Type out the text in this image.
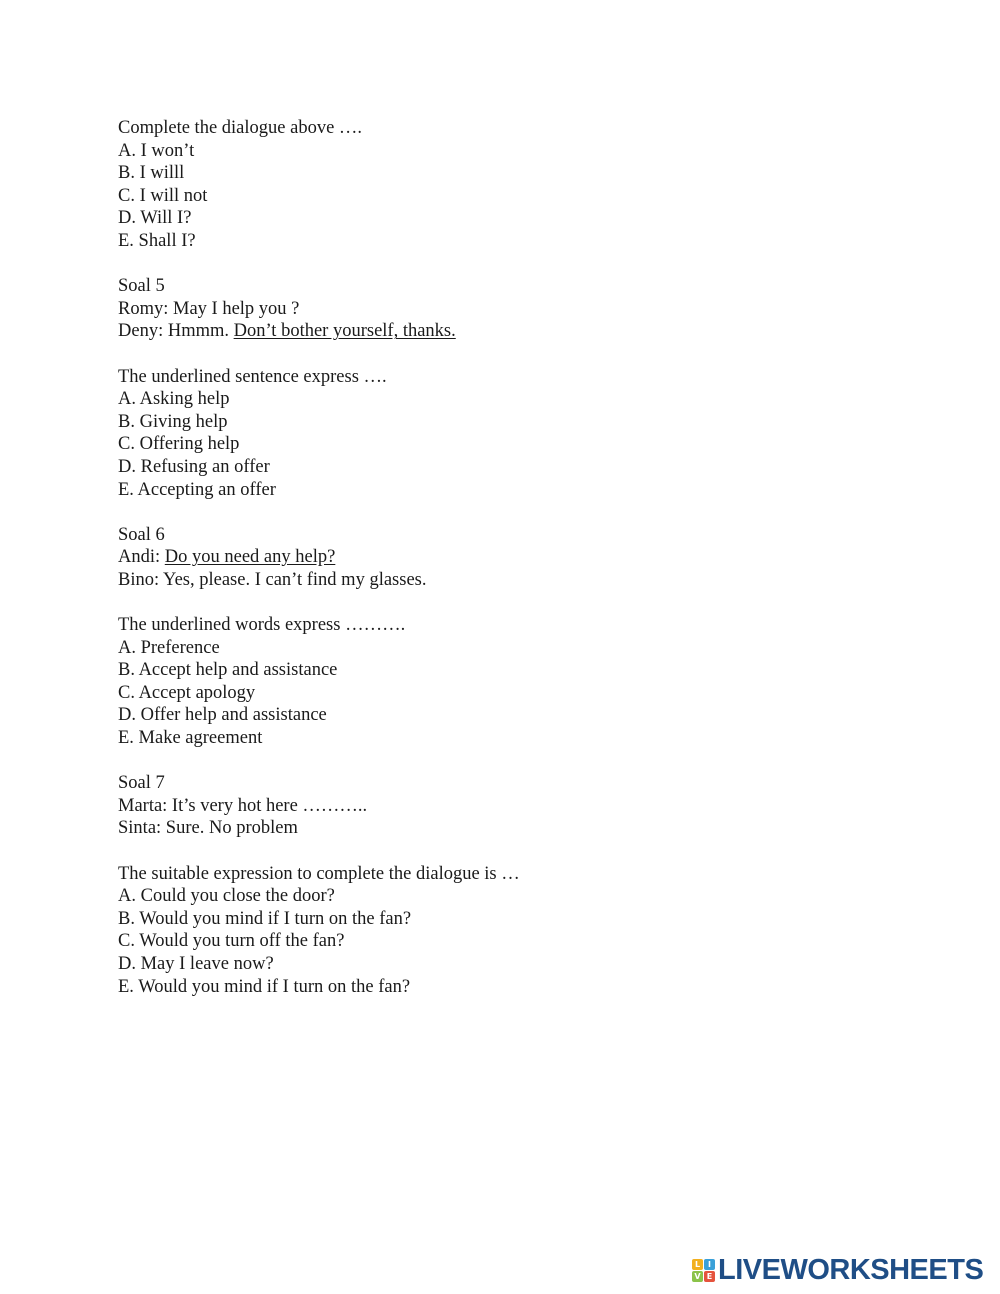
Complete the dialogue above ….
A. I won’t
B. I willl
C. I will not
D. Will I?
E. Shall I?
Soal 5
Romy: May I help you ?
Deny: Hmmm. Don’t bother yourself, thanks.
The underlined sentence express ….
A. Asking help
B. Giving help
C. Offering help
D. Refusing an offer
E. Accepting an offer
Soal 6
Andi: Do you need any help?
Bino: Yes, please. I can’t find my glasses.
The underlined words express ……….
A. Preference
B. Accept help and assistance
C. Accept apology
D. Offer help and assistance
E. Make agreement
Soal 7
Marta: It’s very hot here ………..
Sinta: Sure. No problem
The suitable expression to complete the dialogue is …
A. Could you close the door?
B. Would you mind if I turn on the fan?
C. Would you turn off the fan?
D. May I leave now?
E. Would you mind if I turn on the fan?
L I
V E LIVEWORKSHEETS
